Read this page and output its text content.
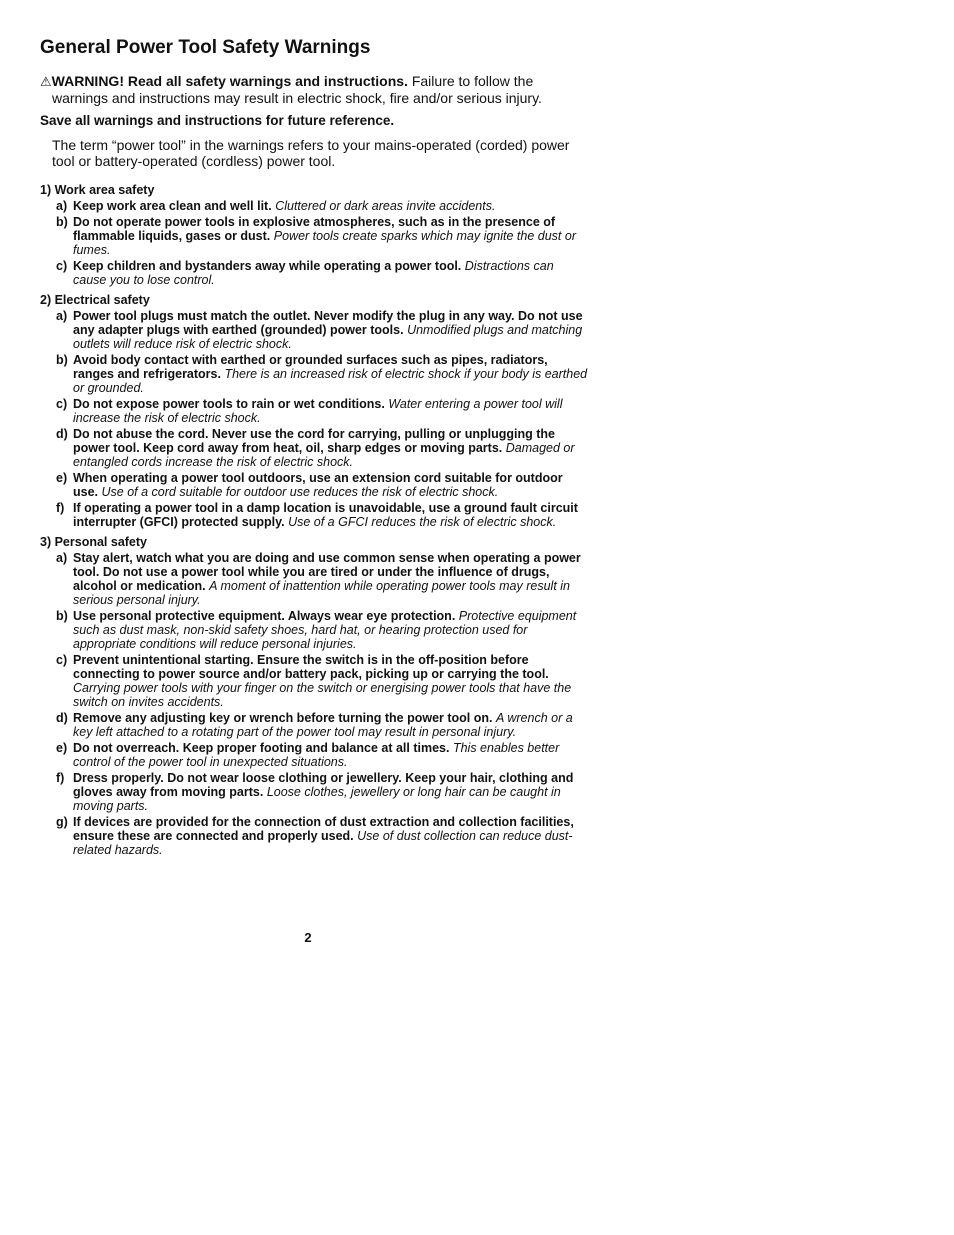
General Power Tool Safety Warnings

⚠WARNING! Read all safety warnings and instructions. Failure to follow the warnings and instructions may result in electric shock, fire and/or serious injury.

Save all warnings and instructions for future reference.

The term “power tool” in the warnings refers to your mains-operated (corded) power tool or battery-operated (cordless) power tool.

1) Work area safety
a) Keep work area clean and well lit. Cluttered or dark areas invite accidents.
b) Do not operate power tools in explosive atmospheres, such as in the presence of flammable liquids, gases or dust. Power tools create sparks which may ignite the dust or fumes.
c) Keep children and bystanders away while operating a power tool. Distractions can cause you to lose control.
2) Electrical safety
a) Power tool plugs must match the outlet. Never modify the plug in any way. Do not use any adapter plugs with earthed (grounded) power tools. Unmodified plugs and matching outlets will reduce risk of electric shock.
b) Avoid body contact with earthed or grounded surfaces such as pipes, radiators, ranges and refrigerators. There is an increased risk of electric shock if your body is earthed or grounded.
c) Do not expose power tools to rain or wet conditions. Water entering a power tool will increase the risk of electric shock.
d) Do not abuse the cord. Never use the cord for carrying, pulling or unplugging the power tool. Keep cord away from heat, oil, sharp edges or moving parts. Damaged or entangled cords increase the risk of electric shock.
e) When operating a power tool outdoors, use an extension cord suitable for outdoor use. Use of a cord suitable for outdoor use reduces the risk of electric shock.
f) If operating a power tool in a damp location is unavoidable, use a ground fault circuit interrupter (GFCI) protected supply. Use of a GFCI reduces the risk of electric shock.
3) Personal safety
a) Stay alert, watch what you are doing and use common sense when operating a power tool. Do not use a power tool while you are tired or under the influence of drugs, alcohol or medication. A moment of inattention while operating power tools may result in serious personal injury.
b) Use personal protective equipment. Always wear eye protection. Protective equipment such as dust mask, non-skid safety shoes, hard hat, or hearing protection used for appropriate conditions will reduce personal injuries.
c) Prevent unintentional starting. Ensure the switch is in the off-position before connecting to power source and/or battery pack, picking up or carrying the tool. Carrying power tools with your finger on the switch or energising power tools that have the switch on invites accidents.
d) Remove any adjusting key or wrench before turning the power tool on. A wrench or a key left attached to a rotating part of the power tool may result in personal injury.
e) Do not overreach. Keep proper footing and balance at all times. This enables better control of the power tool in unexpected situations.
f) Dress properly. Do not wear loose clothing or jewellery. Keep your hair, clothing and gloves away from moving parts. Loose clothes, jewellery or long hair can be caught in moving parts.
g) If devices are provided for the connection of dust extraction and collection facilities, ensure these are connected and properly used. Use of dust collection can reduce dust-related hazards.
2
